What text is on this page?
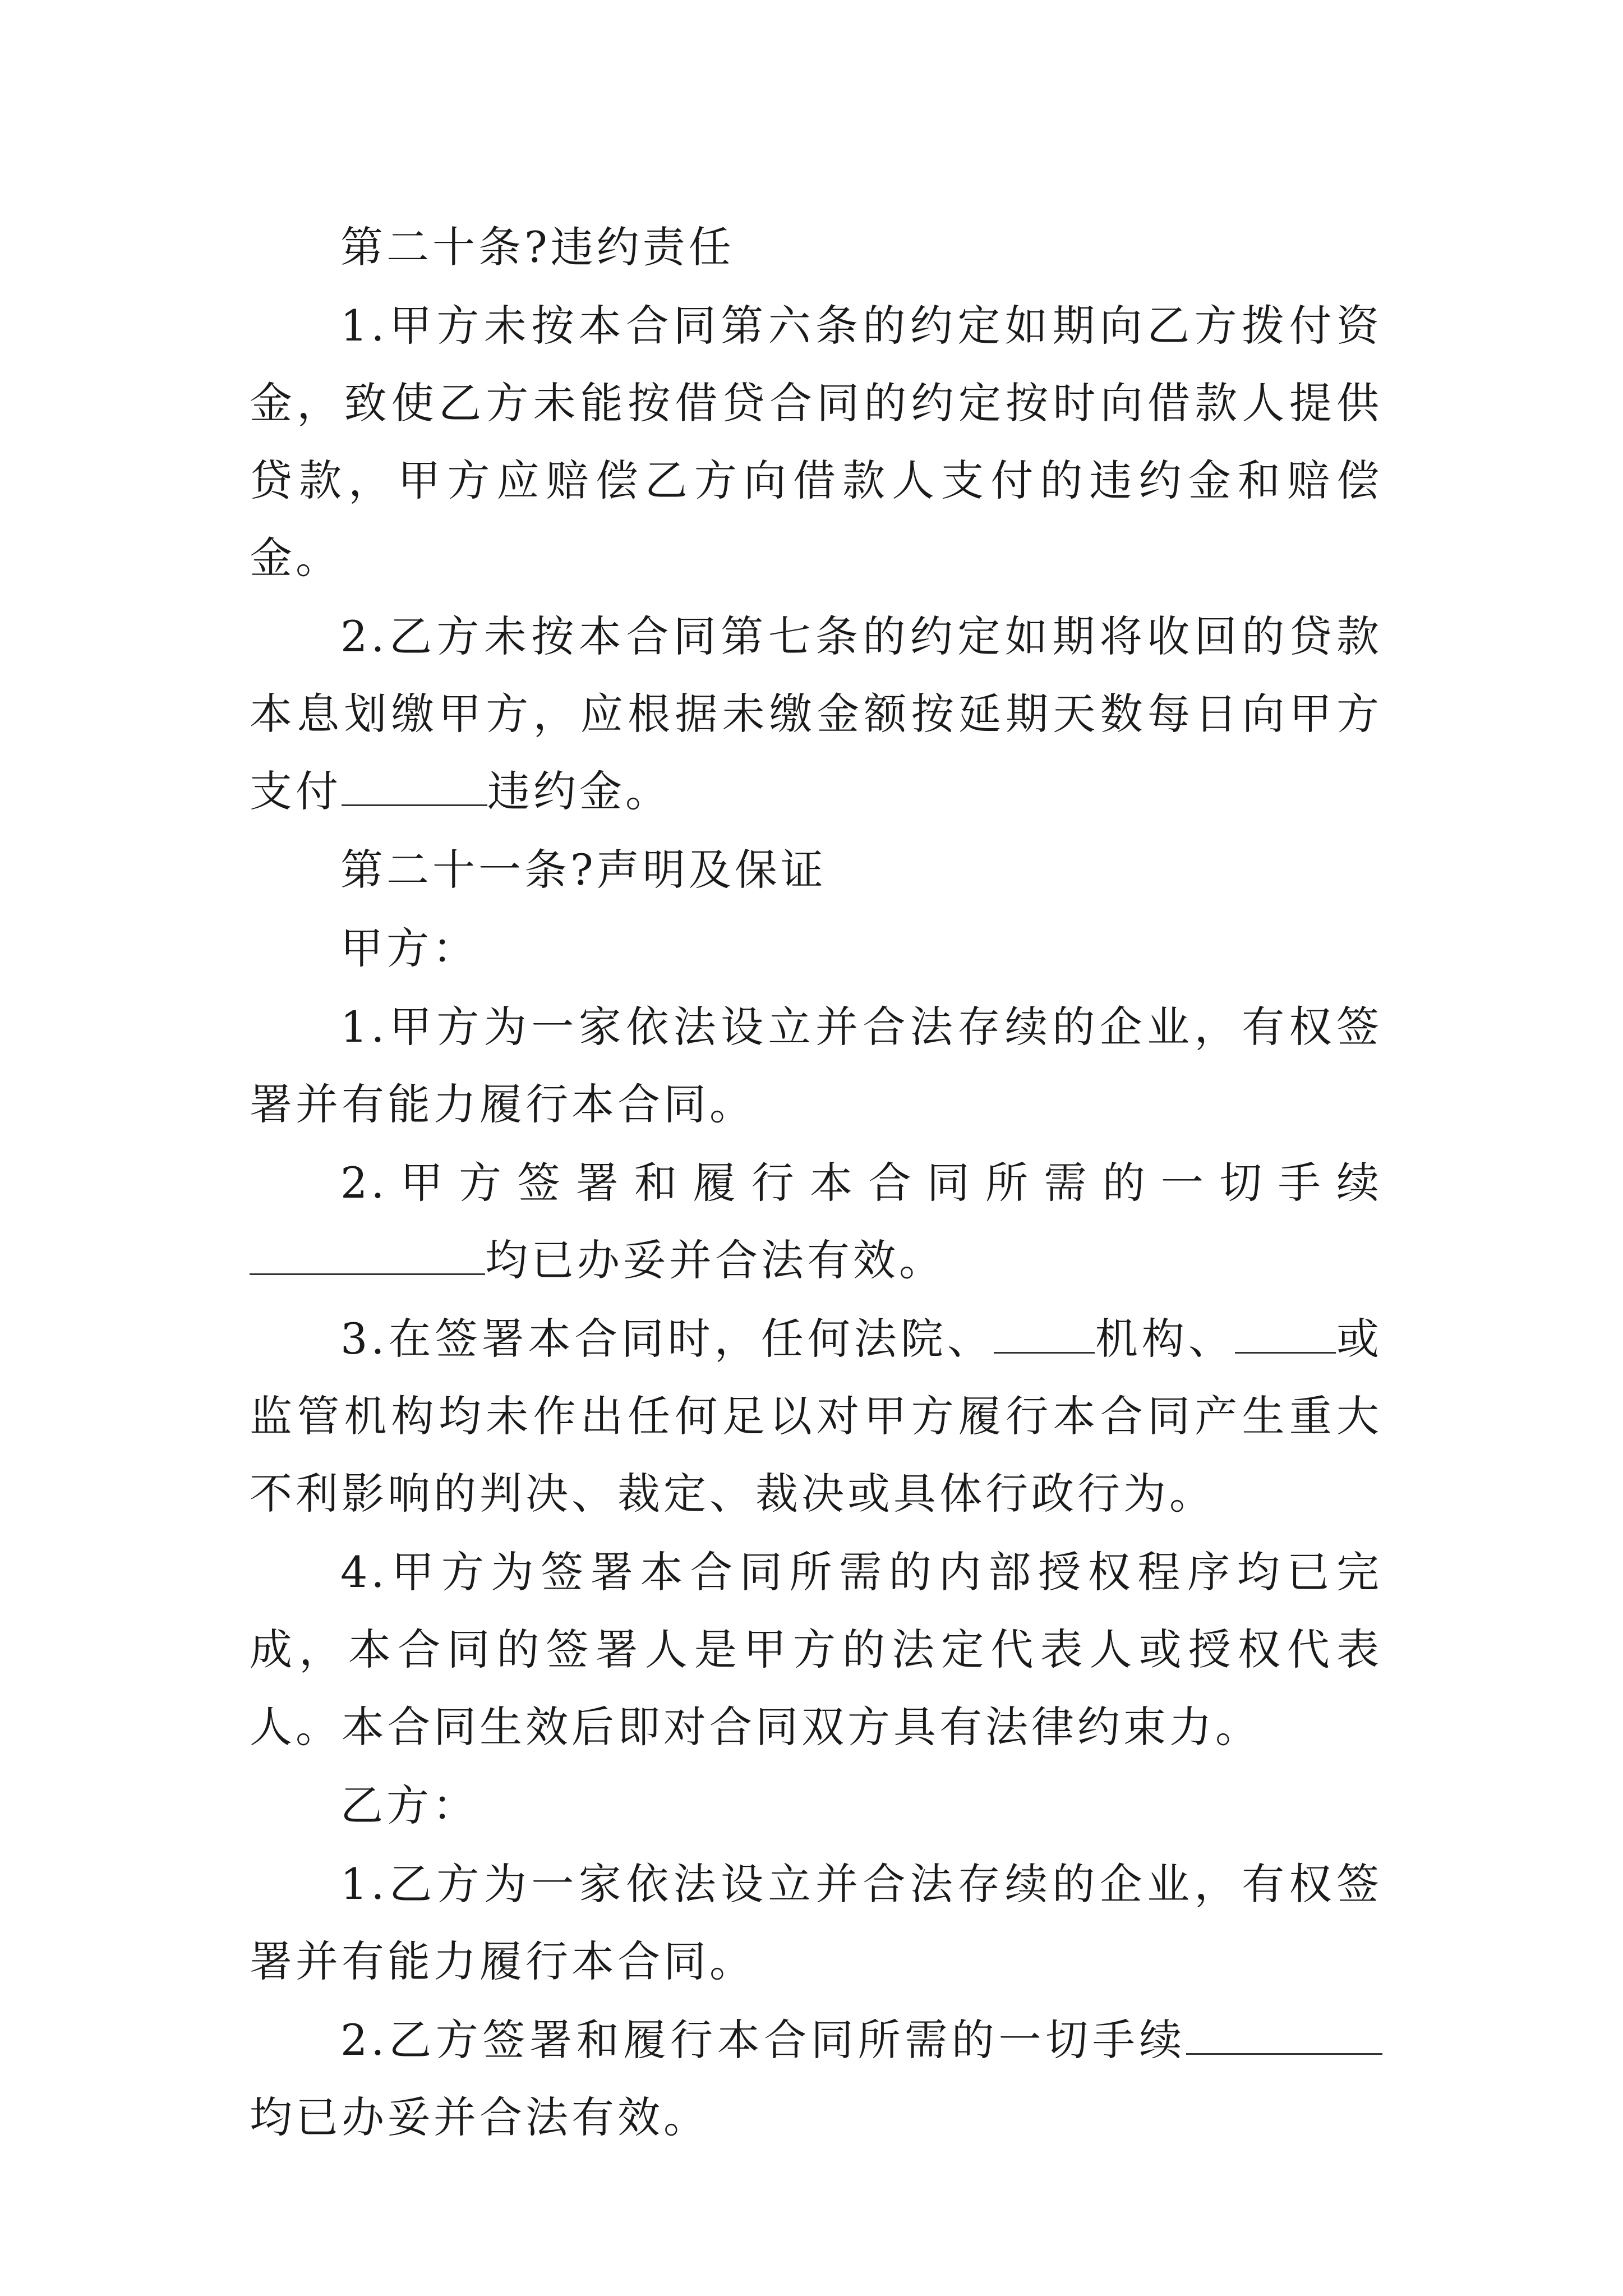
第二十条?违约责任

1.甲方未按本合同第六条的约定如期向乙方拨付资金，致使乙方未能按借贷合同的约定按时向借款人提供贷款，甲方应赔偿乙方向借款人支付的违约金和赔偿金。

2.乙方未按本合同第七条的约定如期将收回的贷款本息划缴甲方，应根据未缴金额按延期天数每日向甲方支付	违约金。

第二十一条?声明及保证

甲方：

1.甲方为一家依法设立并合法存续的企业，有权签署并有能力履行本合同。

2.甲方签署和履行本合同所需的一切手续均已办妥并合法有效。

3.在签署本合同时，任何法院、 机构、 或监管机构均未作出任何足以对甲方履行本合同产生重大不利影响的判决、裁定、裁决或具体行政行为。

4.甲方为签署本合同所需的内部授权程序均已完成，本合同的签署人是甲方的法定代表人或授权代表人。本合同生效后即对合同双方具有法律约束力。

乙方：

1.乙方为一家依法设立并合法存续的企业，有权签署并有能力履行本合同。

2.乙方签署和履行本合同所需的一切手续均已办妥并合法有效。
